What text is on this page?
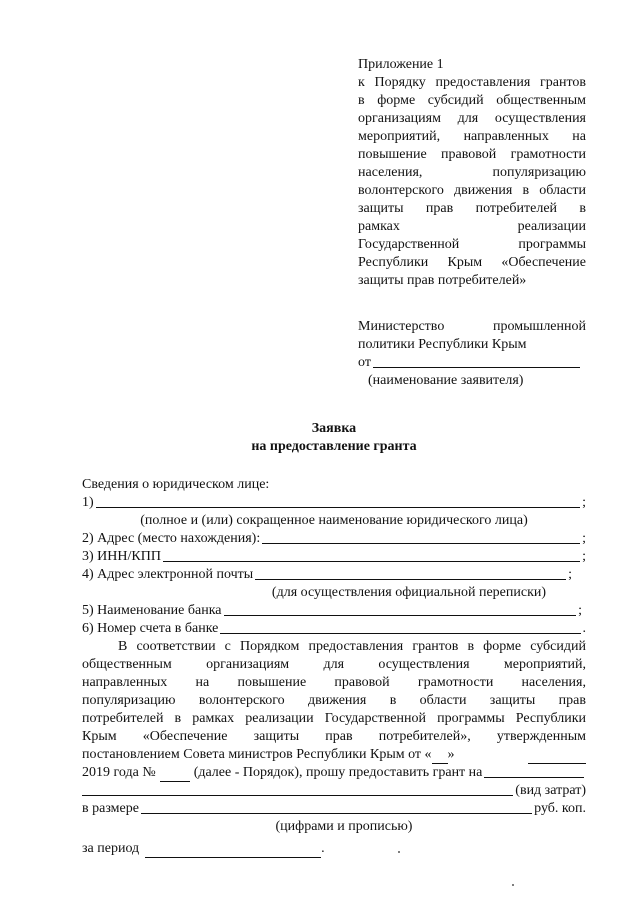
Приложение 1
к Порядку предоставления грантов
в форме субсидий общественным
организациям для осуществления
мероприятий, направленных на
повышение правовой грамотности
населения, популяризацию
волонтерского движения в области
защиты прав потребителей в
рамках реализации
Государственной программы
Республики Крым «Обеспечение
защиты прав потребителей»
Министерство промышленной
политики Республики Крым
от
(наименование заявителя)
Заявка
на предоставление гранта
Сведения о юридическом лице:
1)	;
(полное и (или) сокращенное наименование юридического лица)
2) Адрес (место нахождения):	;
3) ИНН/КПП	;
4) Адрес электронной почты	;
(для осуществления официальной переписки)
5) Наименование банка	;
6) Номер счета в банке	.
В соответствии с Порядком предоставления грантов в форме субсидий
общественным организациям для осуществления мероприятий,
направленных на повышение правовой грамотности населения,
популяризацию волонтерского движения в области защиты прав
потребителей в рамках реализации Государственной программы Республики
Крым «Обеспечение защиты прав потребителей», утвержденным
постановлением Совета министров Республики Крым от « »
2019 года №	(далее - Порядок), прошу предоставить грант на
(вид затрат)
в размере	руб. коп.
(цифрами и прописью)
за период	.
